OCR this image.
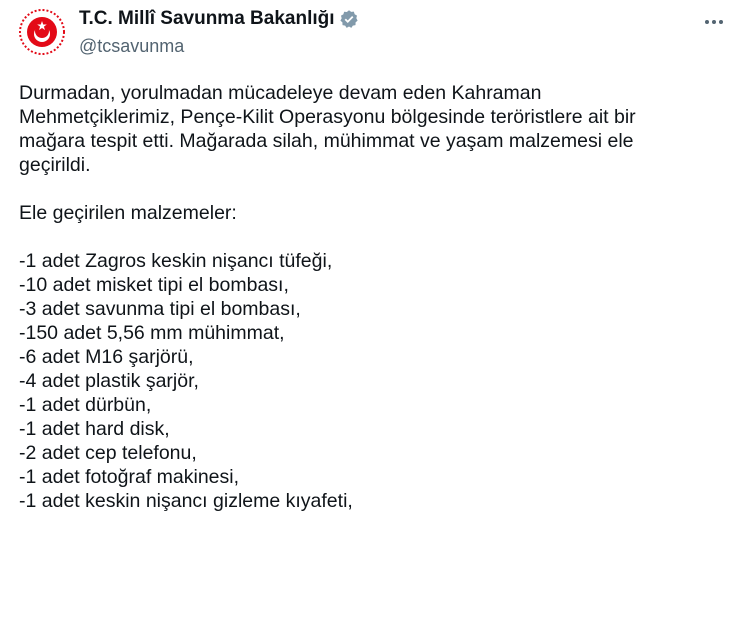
T.C. Millî Savunma Bakanlığı
@tcsavunma
Durmadan, yorulmadan mücadeleye devam eden Kahraman
Mehmetçiklerimiz, Pençe-Kilit Operasyonu bölgesinde teröristlere ait bir
mağara tespit etti. Mağarada silah, mühimmat ve yaşam malzemesi ele
geçirildi.
Ele geçirilen malzemeler:
-1 adet Zagros keskin nişancı tüfeği,
-10 adet misket tipi el bombası,
-3 adet savunma tipi el bombası,
-150 adet 5,56 mm mühimmat,
-6 adet M16 şarjörü,
-4 adet plastik şarjör,
-1 adet dürbün,
-1 adet hard disk,
-2 adet cep telefonu,
-1 adet fotoğraf makinesi,
-1 adet keskin nişancı gizleme kıyafeti,
